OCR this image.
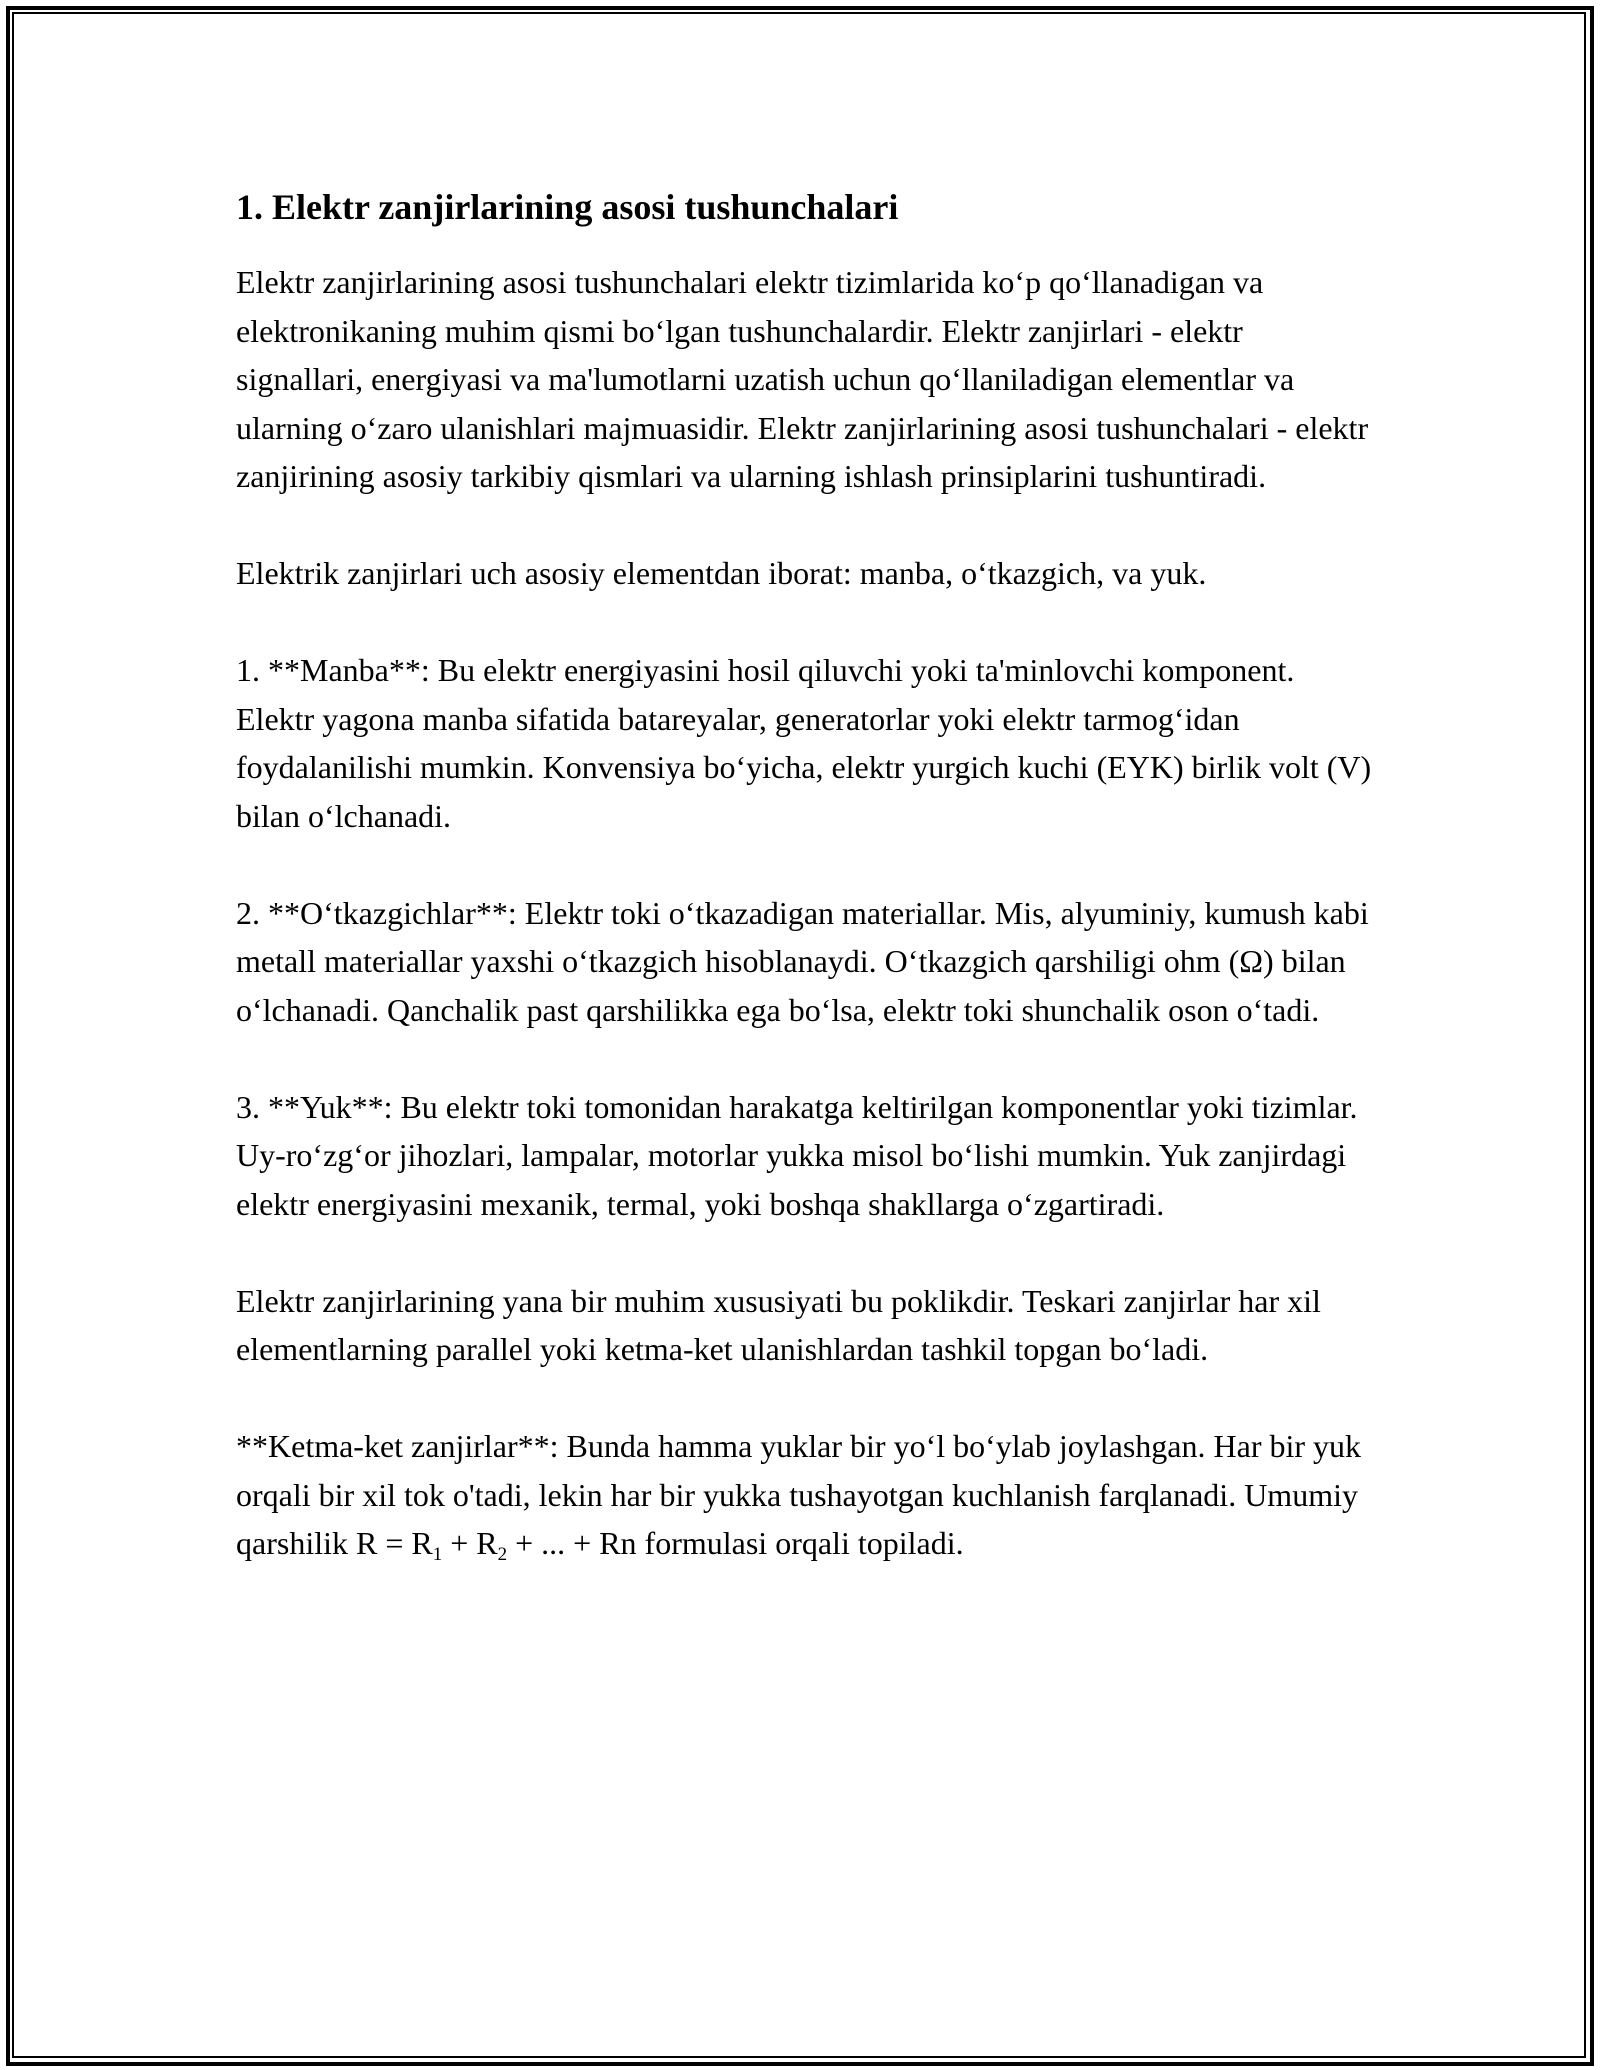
1. Elektr zanjirlarining asosi tushunchalari

Elektr zanjirlarining asosi tushunchalari elektr tizimlarida ko‘p qo‘llanadigan va elektronikaning muhim qismi bo‘lgan tushunchalardir. Elektr zanjirlari - elektr signallari, energiyasi va ma'lumotlarni uzatish uchun qo‘llaniladigan elementlar va ularning o‘zaro ulanishlari majmuasidir. Elektr zanjirlarining asosi tushunchalari - elektr zanjirining asosiy tarkibiy qismlari va ularning ishlash prinsiplarini tushuntiradi.

Elektrik zanjirlari uch asosiy elementdan iborat: manba, o‘tkazgich, va yuk.

1. **Manba**: Bu elektr energiyasini hosil qiluvchi yoki ta'minlovchi komponent. Elektr yagona manba sifatida batareyalar, generatorlar yoki elektr tarmog‘idan foydalanilishi mumkin. Konvensiya bo‘yicha, elektr yurgich kuchi (EYK) birlik volt (V) bilan o‘lchanadi.

2. **O‘tkazgichlar**: Elektr toki o‘tkazadigan materiallar. Mis, alyuminiy, kumush kabi metall materiallar yaxshi o‘tkazgich hisoblanaydi. O‘tkazgich qarshiligi ohm (Ω) bilan o‘lchanadi. Qanchalik past qarshilikka ega bo‘lsa, elektr toki shunchalik oson o‘tadi.

3. **Yuk**: Bu elektr toki tomonidan harakatga keltirilgan komponentlar yoki tizimlar. Uy-ro‘zg‘or jihozlari, lampalar, motorlar yukka misol bo‘lishi mumkin. Yuk zanjirdagi elektr energiyasini mexanik, termal, yoki boshqa shakllarga o‘zgartiradi.

Elektr zanjirlarining yana bir muhim xususiyati bu poklikdir. Teskari zanjirlar har xil elementlarning parallel yoki ketma-ket ulanishlardan tashkil topgan bo‘ladi.

**Ketma-ket zanjirlar**: Bunda hamma yuklar bir yo‘l bo‘ylab joylashgan. Har bir yuk orqali bir xil tok o'tadi, lekin har bir yukka tushayotgan kuchlanish farqlanadi. Umumiy qarshilik $R = R_1 + R_2$ + ... + Rn formulasi orqali topiladi.
